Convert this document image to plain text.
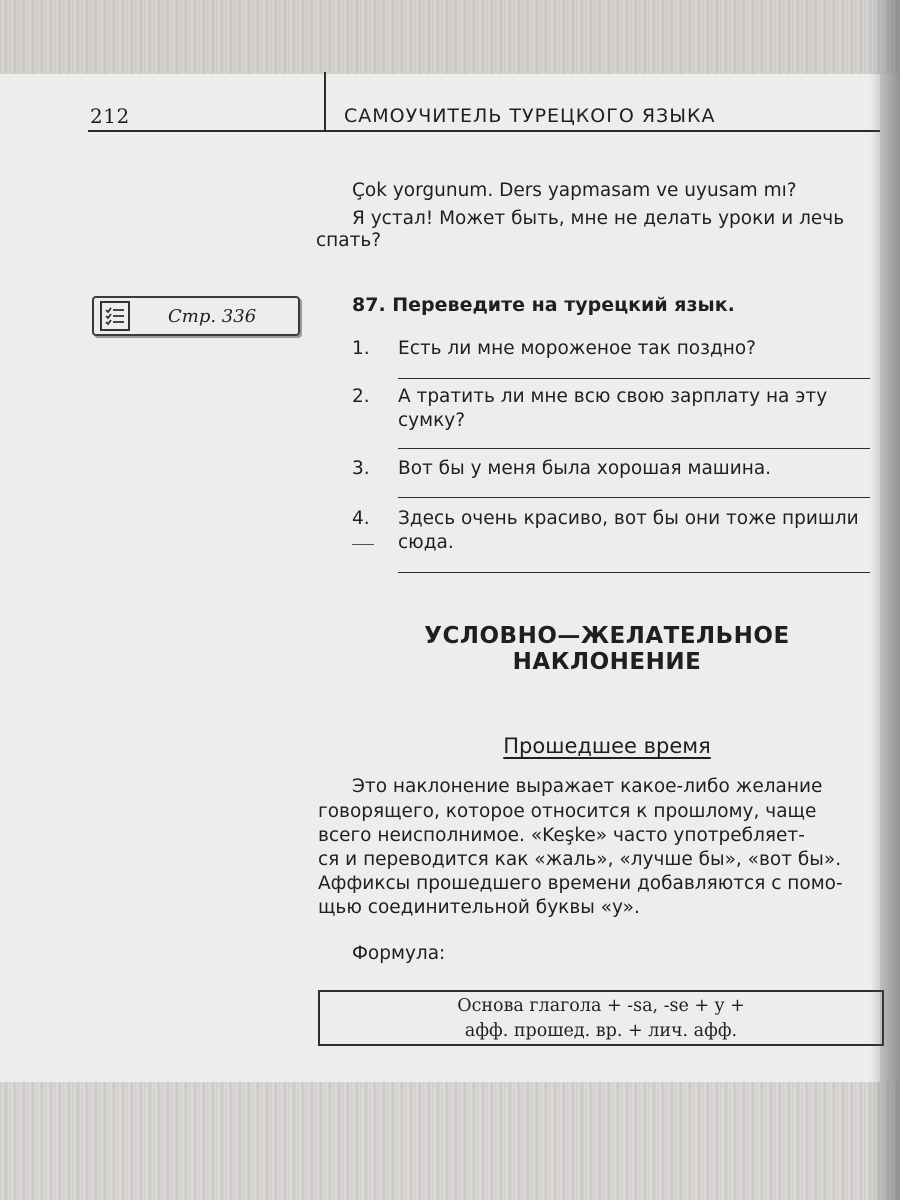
212	САМОУЧИТЕЛЬ ТУРЕЦКОГО ЯЗЫКА
Çok yorgunum. Ders yapmasam ve uyusam mı?
Я устал! Может быть, мне не делать уроки и лечь
спать?
Стр. 336	87. Переведите на турецкий язык.
1. Есть ли мне мороженое так поздно?
2. А тратить ли мне всю свою зарплату на эту
сумку?
3. Вот бы у меня была хорошая машина.
4. Здесь очень красиво, вот бы они тоже пришли
сюда.
УСЛОВНО—ЖЕЛАТЕЛЬНОЕ
НАКЛОНЕНИЕ
Прошедшее время
Это наклонение выражает какое-либо желание
говорящего, которое относится к прошлому, чаще
всего неисполнимое. «Keşke» часто употребляет-
ся и переводится как «жаль», «лучше бы», «вот бы».
Аффиксы прошедшего времени добавляются с помо-
щью соединительной буквы «y».
Формула:
Основа глагола + -sa, -se + y +
афф. прошед. вр. + лич. афф.
